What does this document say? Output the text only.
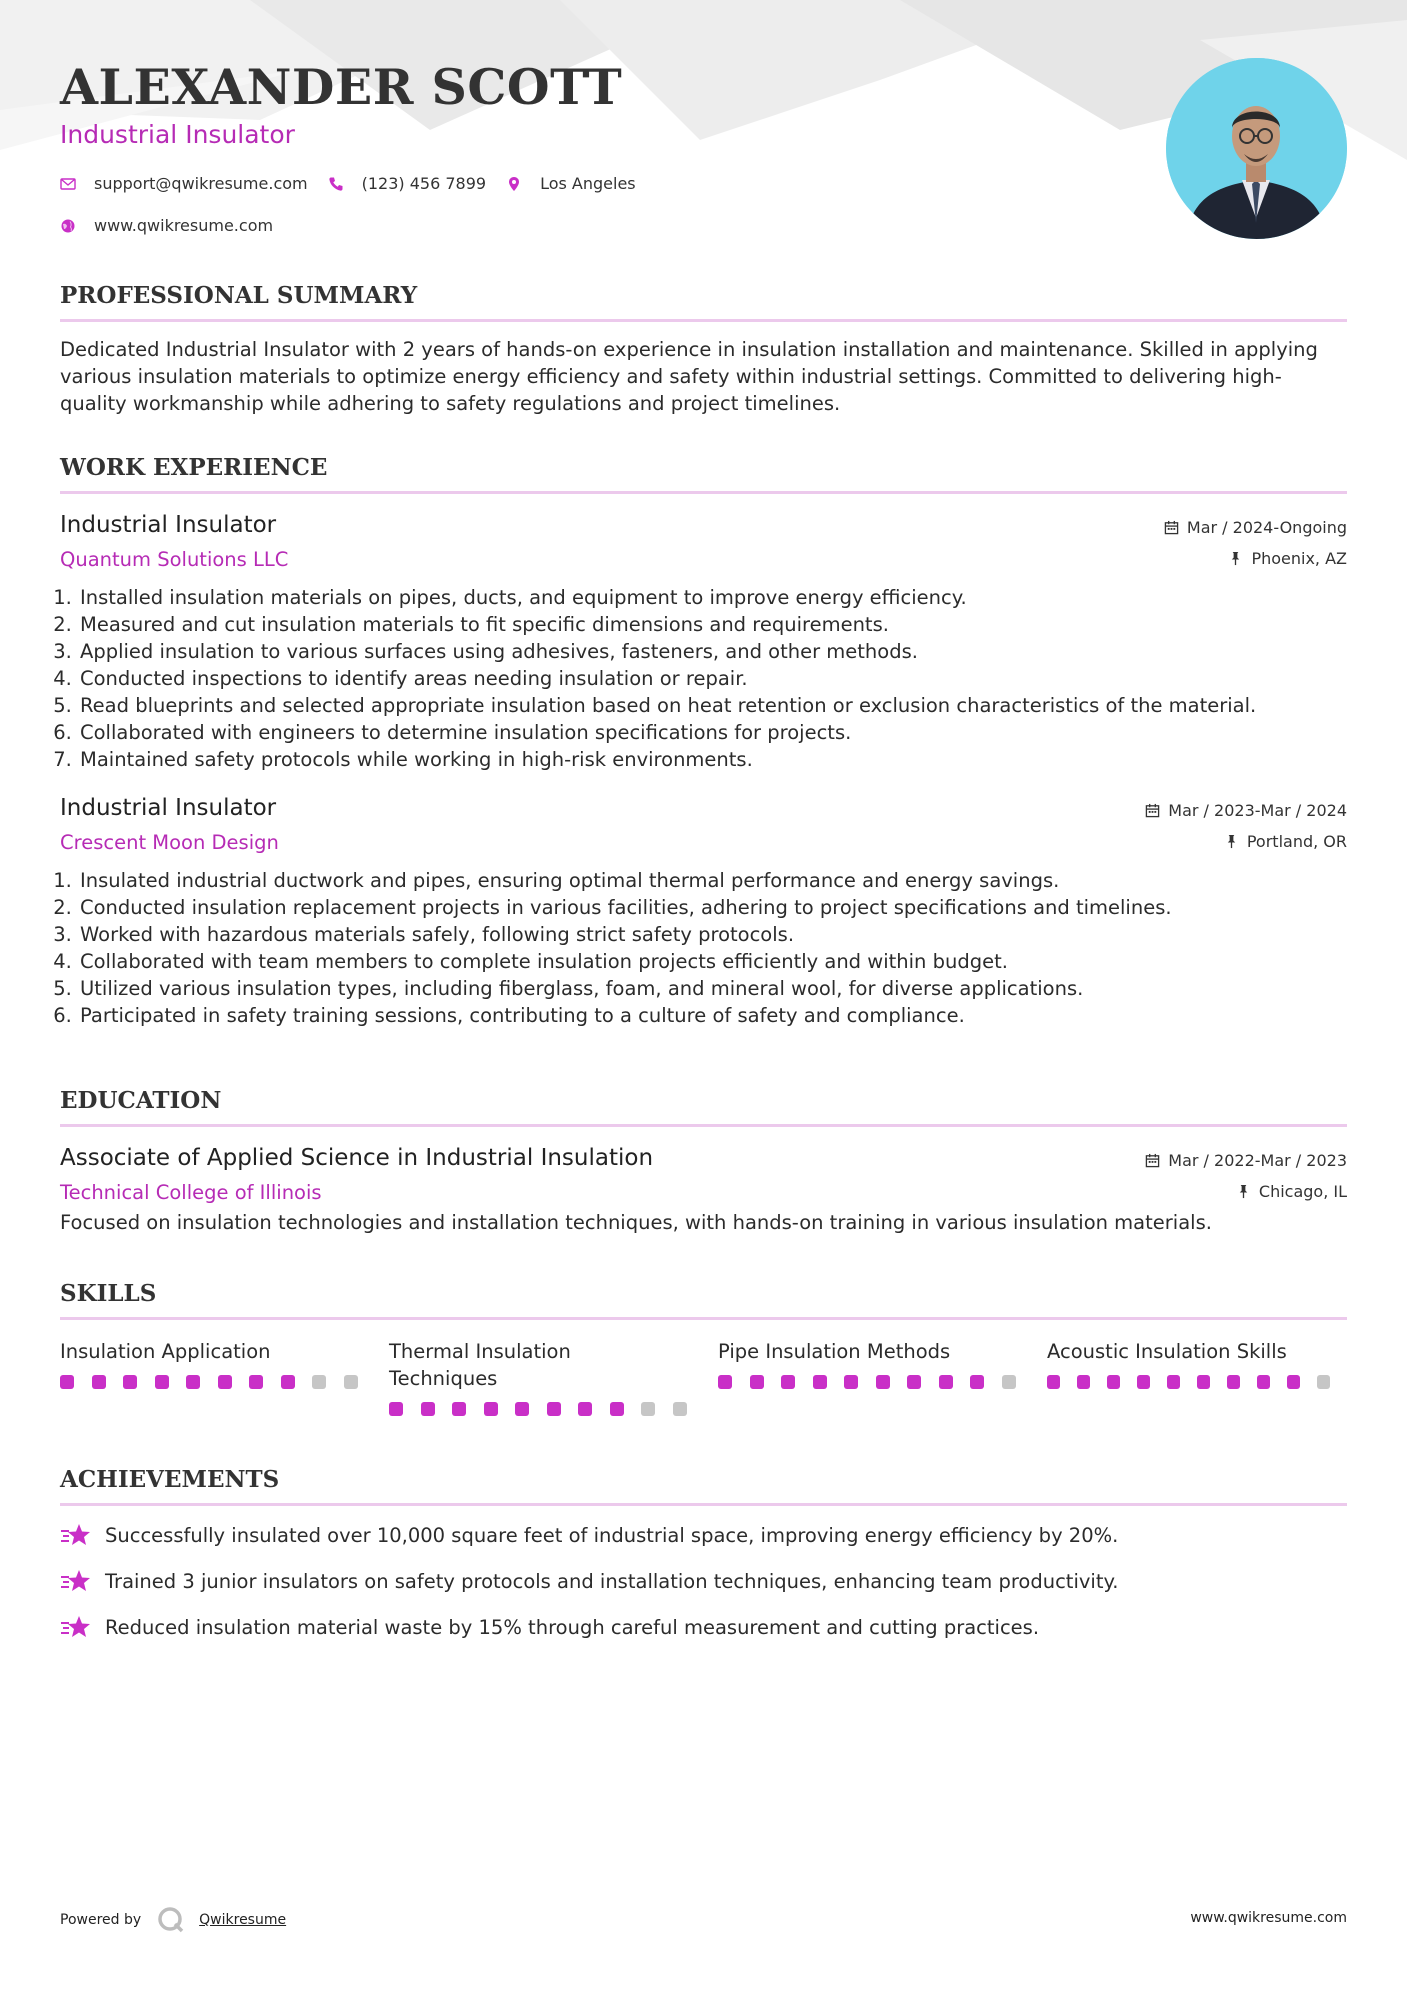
ALEXANDER SCOTT
Industrial Insulator
support@qwikresume.com	(123) 456 7899	Los Angeles
www.qwikresume.com
PROFESSIONAL SUMMARY

Dedicated Industrial Insulator with 2 years of hands-on experience in insulation installation and maintenance. Skilled in applying various insulation materials to optimize energy efficiency and safety within industrial settings. Committed to delivering high-quality workmanship while adhering to safety regulations and project timelines.

WORK EXPERIENCE
Industrial Insulator
Quantum Solutions LLC
Mar / 2024-Ongoing
Phoenix, AZ
1. Installed insulation materials on pipes, ducts, and equipment to improve energy efficiency.
2. Measured and cut insulation materials to fit specific dimensions and requirements.
3. Applied insulation to various surfaces using adhesives, fasteners, and other methods.
4. Conducted inspections to identify areas needing insulation or repair.
5. Read blueprints and selected appropriate insulation based on heat retention or exclusion characteristics of the material.
6. Collaborated with engineers to determine insulation specifications for projects.
7. Maintained safety protocols while working in high-risk environments.
Industrial Insulator
Crescent Moon Design
Mar / 2023-Mar / 2024
Portland, OR
1. Insulated industrial ductwork and pipes, ensuring optimal thermal performance and energy savings.
2. Conducted insulation replacement projects in various facilities, adhering to project specifications and timelines.
3. Worked with hazardous materials safely, following strict safety protocols.
4. Collaborated with team members to complete insulation projects efficiently and within budget.
5. Utilized various insulation types, including fiberglass, foam, and mineral wool, for diverse applications.
6. Participated in safety training sessions, contributing to a culture of safety and compliance.
EDUCATION
Associate of Applied Science in Industrial Insulation
Technical College of Illinois
Mar / 2022-Mar / 2023
Chicago, IL
Focused on insulation technologies and installation techniques, with hands-on training in various insulation materials.
SKILLS
Insulation Application	Thermal Insulation Techniques
Pipe Insulation Methods	Acoustic Insulation Skills
ACHIEVEMENTS
Successfully insulated over 10,000 square feet of industrial space, improving energy efficiency by 20%.
Trained 3 junior insulators on safety protocols and installation techniques, enhancing team productivity.
Reduced insulation material waste by 15% through careful measurement and cutting practices.
Powered by	Qwikresume	www.qwikresume.com
